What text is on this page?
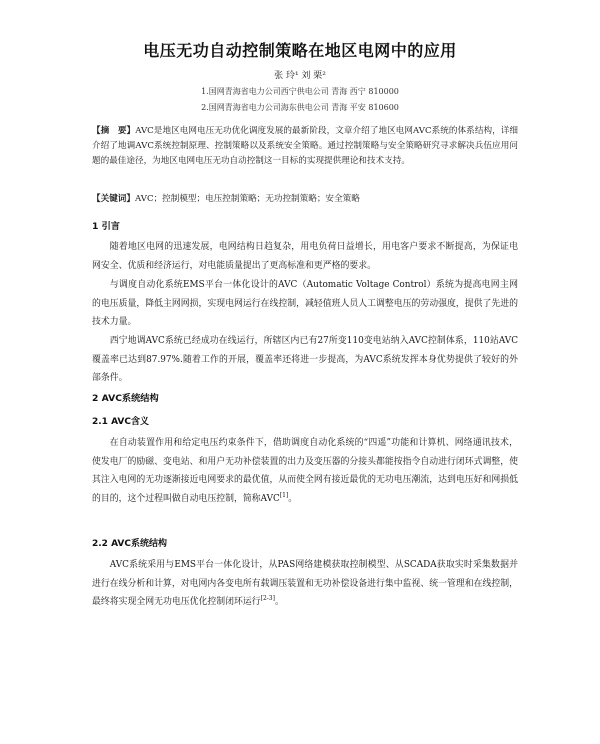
电压无功自动控制策略在地区电网中的应用
张 玲¹ 刘 栗²
1.国网青海省电力公司西宁供电公司 青海 西宁 810000
2.国网青海省电力公司海东供电公司 青海 平安 810600
【摘　要】AVC是地区电网电压无功优化调度发展的最新阶段，文章介绍了地区电网AVC系统的体系结构，详细介绍了地调AVC系统控制原理、控制策略以及系统安全策略。通过控制策略与安全策略研究寻求解决兵伍应用问题的最佳途径，为地区电网电压无功自动控制这一目标的实现提供理论和技术支持。
【关键词】AVC；控制模型；电压控制策略；无功控制策略；安全策略
1 引言
随着地区电网的迅速发展，电网结构日趋复杂，用电负荷日益增长，用电客户要求不断提高，为保证电网安全、优质和经济运行，对电能质量提出了更高标准和更严格的要求。
与调度自动化系统EMS平台一体化设计的AVC（Automatic Voltage Control）系统为提高电网主网的电压质量，降低主网网损，实现电网运行在线控制，减轻值班人员人工调整电压的劳动强度，提供了先进的技术力量。
西宁地调AVC系统已经成功在线运行，所辖区内已有27所变110变电站纳入AVC控制体系，110站AVC覆盖率已达到87.97%.随着工作的开展，覆盖率还将进一步提高，为AVC系统发挥本身优势提供了较好的外部条件。
2 AVC系统结构
2.1 AVC含义
在自动装置作用和给定电压约束条件下，借助调度自动化系统的“四遥”功能和计算机、网络通讯技术，使发电厂的励磁、变电站、和用户无功补偿装置的出力及变压器的分接头都能按指令自动进行闭环式调整，使其注入电网的无功逐渐接近电网要求的最优值，从而使全网有接近最优的无功电压潮流，达到电压好和网损低的目的，这个过程叫做自动电压控制，简称AVC[1]。
2.2 AVC系统结构
AVC系统采用与EMS平台一体化设计，从PAS网络建模获取控制模型、从SCADA获取实时采集数据并进行在线分析和计算，对电网内各变电所有载调压装置和无功补偿设备进行集中监视、统一管理和在线控制，最终将实现全网无功电压优化控制闭环运行[2-3]。
